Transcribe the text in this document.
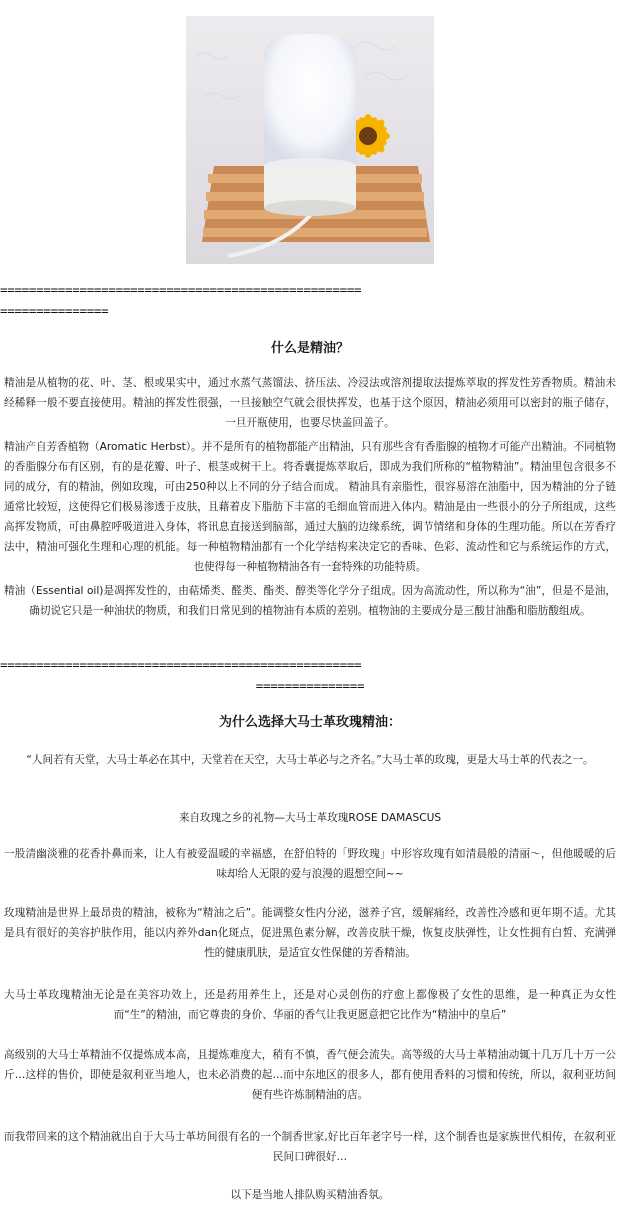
==================================================
===============
什么是精油？
精油是从植物的花、叶、茎、根或果实中，通过水蒸气蒸馏法、挤压法、冷浸法或溶剂提取法提炼萃取的挥发性芳香物质。精油未经稀释一般不要直接使用。精油的挥发性很强，一旦接触空气就会很快挥发，也基于这个原因，精油必须用可以密封的瓶子储存，一旦开瓶使用，也要尽快盖回盖子。
精油产自芳香植物（Aromatic Herbst）。并不是所有的植物都能产出精油，只有那些含有香脂腺的植物才可能产出精油。不同植物的香脂腺分布有区别，有的是花瓣、叶子、根茎或树干上。将香囊提炼萃取后，即成为我们所称的“植物精油”。精油里包含很多不同的成分，有的精油，例如玫瑰，可由250种以上不同的分子结合而成。 精油具有亲脂性，很容易溶在油脂中，因为精油的分子链通常比较短，这使得它们极易渗透于皮肤，且藉着皮下脂肪下丰富的毛细血管而进入体内。精油是由一些很小的分子所组成，这些高挥发物质，可由鼻腔呼吸道进入身体，将讯息直接送到脑部，通过大脑的边缘系统，调节情绪和身体的生理功能。所以在芳香疗法中，精油可强化生理和心理的机能。每一种植物精油都有一个化学结构来决定它的香味、色彩、流动性和它与系统运作的方式，也使得每一种植物精油各有一套特殊的功能特质。
精油（Essential oil)是凋挥发性的，由萜烯类、醛类、酯类、醇类等化学分子组成。因为高流动性，所以称为“油”，但是不是油，确切说它只是一种油状的物质，和我们日常见到的植物油有本质的差别。植物油的主要成分是三酸甘油酯和脂肪酸组成。
==================================================
===============
为什么选择大马士革玫瑰精油：
“人间若有天堂，大马士革必在其中，天堂若在天空，大马士革必与之齐名。”大马士革的玫瑰，更是大马士革的代表之一。
来自玫瑰之乡的礼物—大马士革玫瑰ROSE DAMASCUS
一股清幽淡雅的花香扑鼻而来，让人有被爱温暖的幸福感，在舒伯特的「野玫瑰」中形容玫瑰有如清晨般的清丽～，但他暖暖的后味却给人无限的爱与浪漫的遐想空间~~
玫瑰精油是世界上最昂贵的精油，被称为“精油之后”。能调整女性内分泌，滋养子宫，缓解痛经，改善性冷感和更年期不适。尤其是具有很好的美容护肤作用，能以内养外dan化斑点，促进黑色素分解，改善皮肤干燥，恢复皮肤弹性，让女性拥有白皙、充满弹性的健康肌肤，是适宜女性保健的芳香精油。
大马士革玫瑰精油无论是在美容功效上，还是药用养生上，还是对心灵创伤的疗愈上都像极了女性的思维，是一种真正为女性而“生”的精油，而它尊贵的身价、华丽的香气让我更愿意把它比作为“精油中的皇后”
高级别的大马士革精油不仅提炼成本高，且提炼难度大，稍有不慎，香气便会流失。高等级的大马士革精油动辄十几万几十万一公斤…这样的售价，即使是叙利亚当地人，也未必消费的起…而中东地区的很多人，都有使用香料的习惯和传统，所以，叙利亚坊间便有些许炼制精油的店。
而我带回来的这个精油就出自于大马士革坊间很有名的一个制香世家,好比百年老字号一样，这个制香也是家族世代相传，在叙利亚民间口碑很好…
以下是当地人排队购买精油香氛。
